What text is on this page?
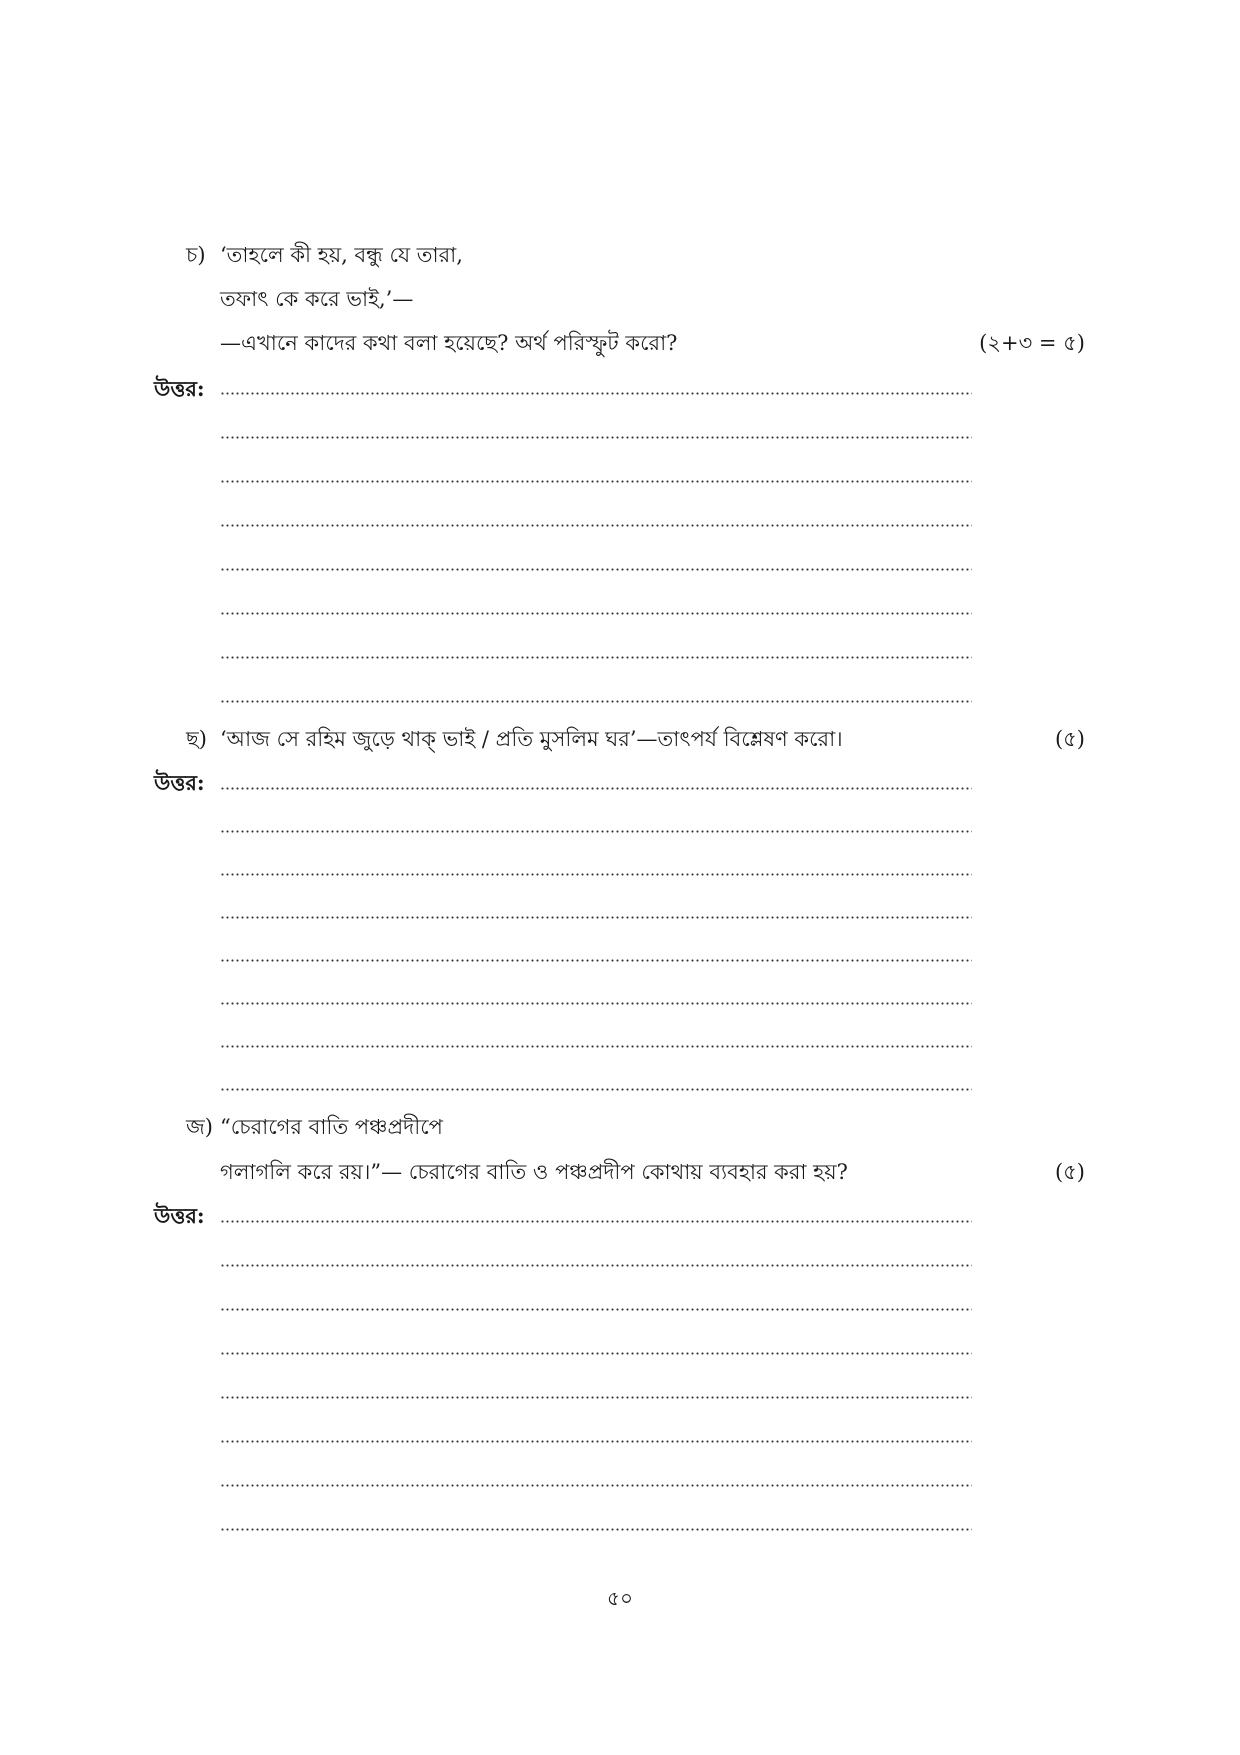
চ) ‘তাহলে কী হয়, বন্ধু যে তারা,
তফাৎ কে করে ভাই,’—
—এখানে কাদের কথা বলা হয়েছে? অর্থ পরিস্ফুট করো?	(২+৩ = ৫)
উত্তর:
ছ) ‘আজ সে রহিম জুড়ে থাক্ ভাই / প্রতি মুসলিম ঘর’—তাৎপর্য বিশ্লেষণ করো।	(৫)
উত্তর:
জ) “চেরাগের বাতি পঞ্চপ্রদীপে
গলাগলি করে রয়।”— চেরাগের বাতি ও পঞ্চপ্রদীপ কোথায় ব্যবহার করা হয়?	(৫)
উত্তর:
৫০
